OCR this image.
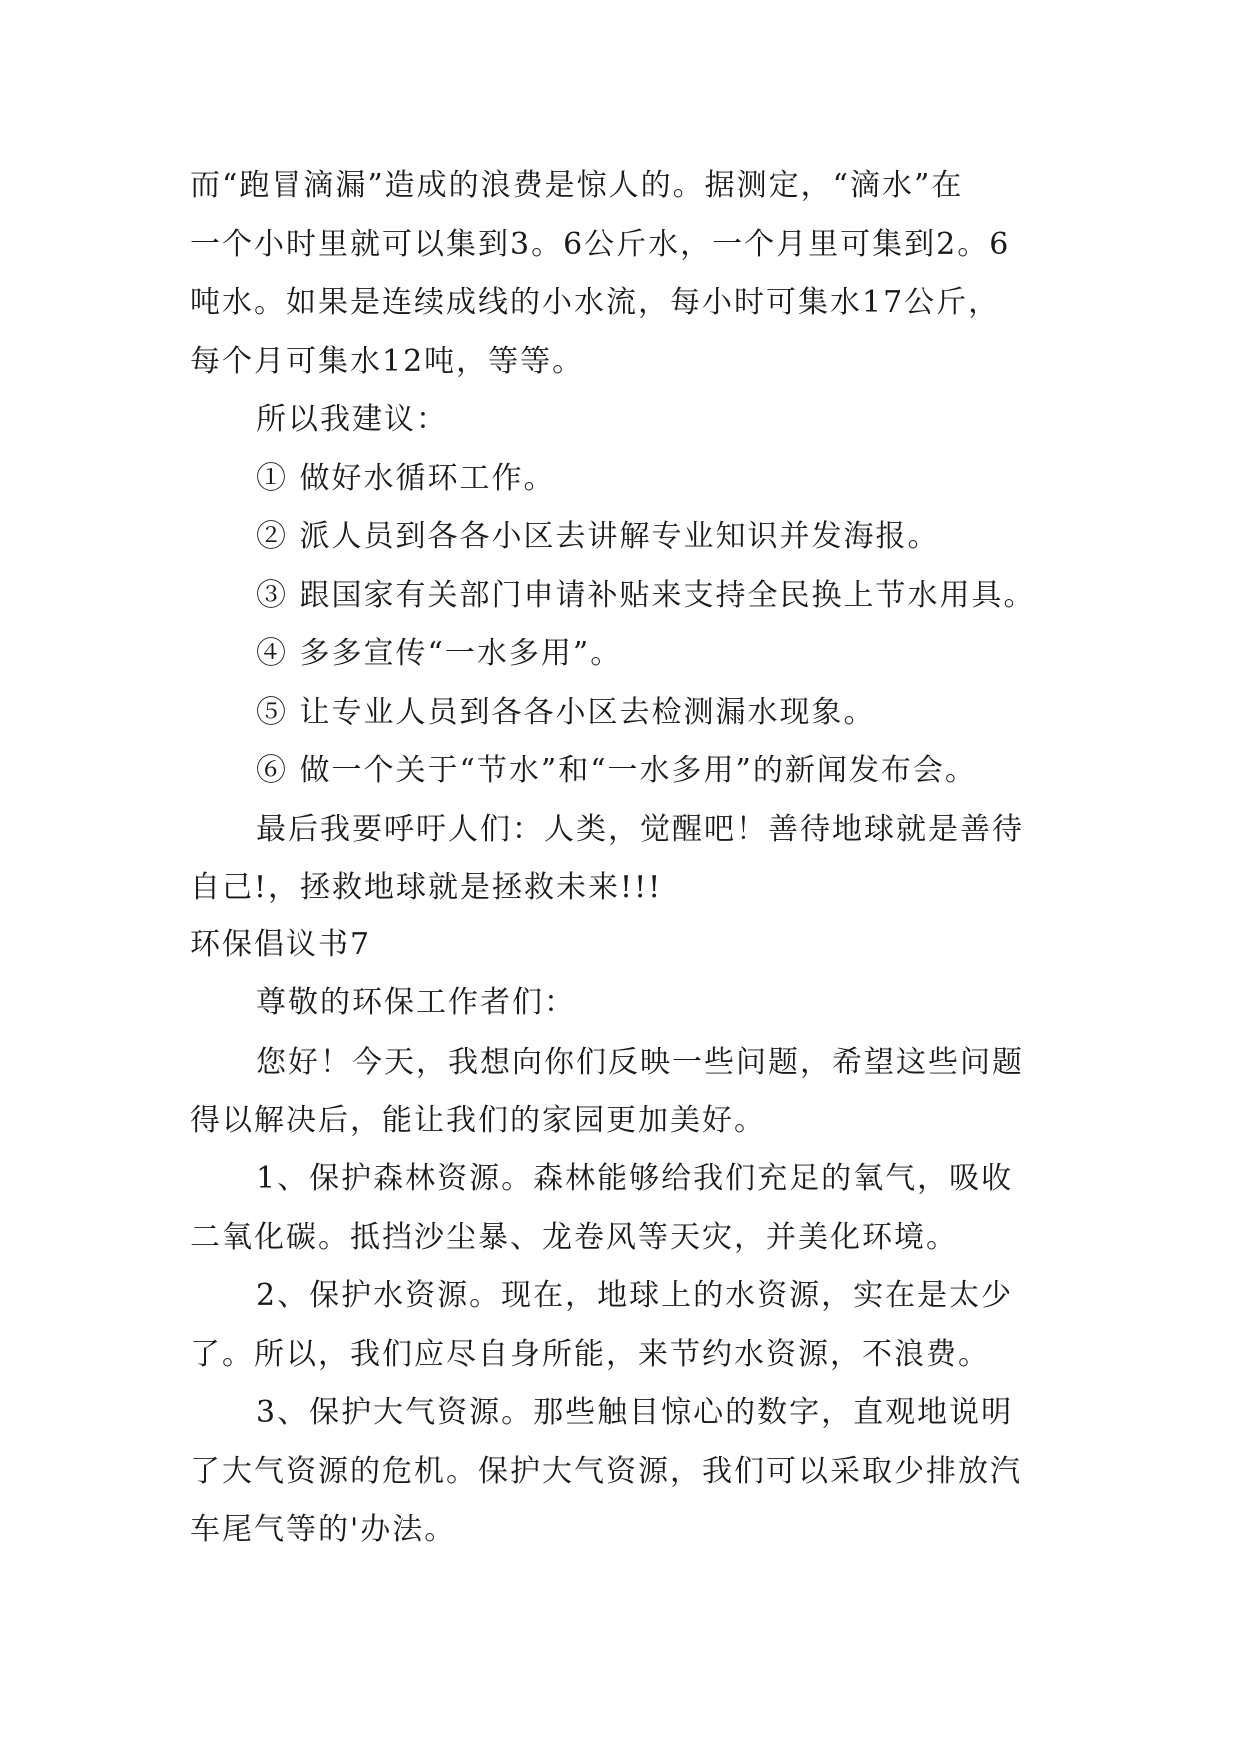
而“跑冒滴漏”造成的浪费是惊人的。据测定，“滴水”在
一个小时里就可以集到3。6公斤水，一个月里可集到2。6
吨水。如果是连续成线的小水流，每小时可集水17公斤，
每个月可集水12吨，等等。
所以我建议：
① 做好水循环工作。
② 派人员到各各小区去讲解专业知识并发海报。
③ 跟国家有关部门申请补贴来支持全民换上节水用具。
④ 多多宣传“一水多用”。
⑤ 让专业人员到各各小区去检测漏水现象。
⑥ 做一个关于“节水”和“一水多用”的新闻发布会。
最后我要呼吁人们：人类，觉醒吧！善待地球就是善待
自己!，拯救地球就是拯救未来!!!
环保倡议书7
尊敬的环保工作者们：
您好！今天，我想向你们反映一些问题，希望这些问题
得以解决后，能让我们的家园更加美好。
1、保护森林资源。森林能够给我们充足的氧气，吸收
二氧化碳。抵挡沙尘暴、龙卷风等天灾，并美化环境。
2、保护水资源。现在，地球上的水资源，实在是太少
了。所以，我们应尽自身所能，来节约水资源，不浪费。
3、保护大气资源。那些触目惊心的数字，直观地说明
了大气资源的危机。保护大气资源，我们可以采取少排放汽
车尾气等的'办法。
